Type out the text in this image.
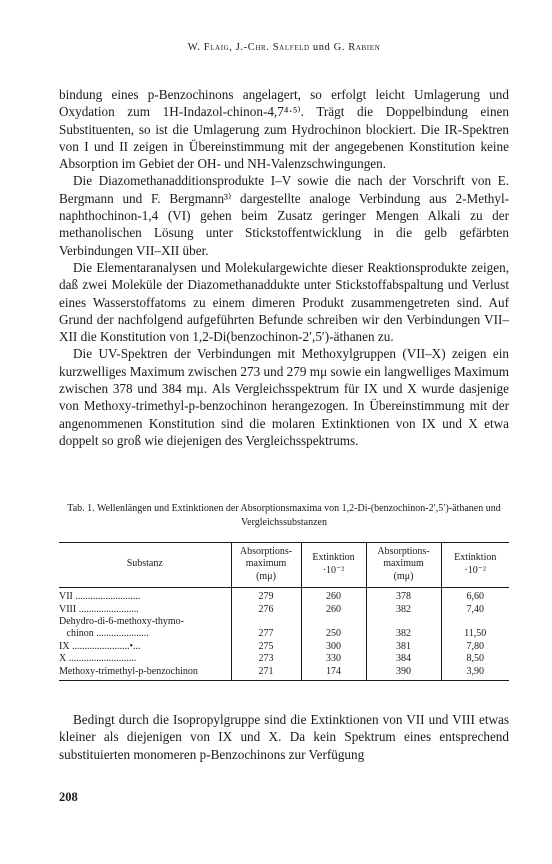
W. Flaig, J.-Chr. Salfeld und G. Rabien

bindung eines p-Benzochinons angelagert, so erfolgt leicht Umlagerung und Oxydation zum 1H-Indazol-chinon-4,7⁴·⁵⁾. Trägt die Doppelbindung einen Substituenten, so ist die Umlagerung zum Hydrochinon blockiert. Die IR-Spektren von I und II zeigen in Übereinstimmung mit der angegebenen Konstitution keine Absorption im Gebiet der OH- und NH-Valenzschwingungen.

Die Diazomethanadditionsprodukte I–V sowie die nach der Vorschrift von E. Bergmann und F. Bergmann³⁾ dargestellte analoge Verbindung aus 2-Methyl-naphthochinon-1,4 (VI) gehen beim Zusatz geringer Mengen Alkali zu der methanolischen Lösung unter Stickstoffentwicklung in die gelb gefärbten Verbindungen VII–XII über.

Die Elementaranalysen und Molekulargewichte dieser Reaktionsprodukte zeigen, daß zwei Moleküle der Diazomethanaddukte unter Stickstoffabspaltung und Verlust eines Wasserstoffatoms zu einem dimeren Produkt zusammengetreten sind. Auf Grund der nachfolgend aufgeführten Befunde schreiben wir den Verbindungen VII–XII die Konstitution von 1,2-Di(benzochinon-2′,5′)-äthanen zu.

Die UV-Spektren der Verbindungen mit Methoxylgruppen (VII–X) zeigen ein kurzwelliges Maximum zwischen 273 und 279 mμ sowie ein langwelliges Maximum zwischen 378 und 384 mμ. Als Vergleichsspektrum für IX und X wurde dasjenige von Methoxy-trimethyl-p-benzochinon herangezogen. In Übereinstimmung mit der angenommenen Konstitution sind die molaren Extinktionen von IX und X etwa doppelt so groß wie diejenigen des Vergleichsspektrums.

Tab. 1. Wellenlängen und Extinktionen der Absorptionsmaxima von 1,2-Di-(benzochinon-2′,5′)-äthanen und Vergleichssubstanzen
Substanz	Absorptions-
maximum
(mμ)	Extinktion
·10⁻²	Absorptions-
maximum
(mμ)	Extinktion
·10⁻²
VII ..........................	279	260	378	6,60
VIII ........................	276	260	382	7,40
Dehydro-di-6-methoxy-thymo-				
chinon .....................	277	250	382	11,50
IX .......................•...	275	300	381	7,80
X ...........................	273	330	384	8,50
Methoxy-trimethyl-p-benzochinon	271	174	390	3,90

Bedingt durch die Isopropylgruppe sind die Extinktionen von VII und VIII etwas kleiner als diejenigen von IX und X. Da kein Spektrum eines entsprechend substituierten monomeren p-Benzochinons zur Verfügung

208
